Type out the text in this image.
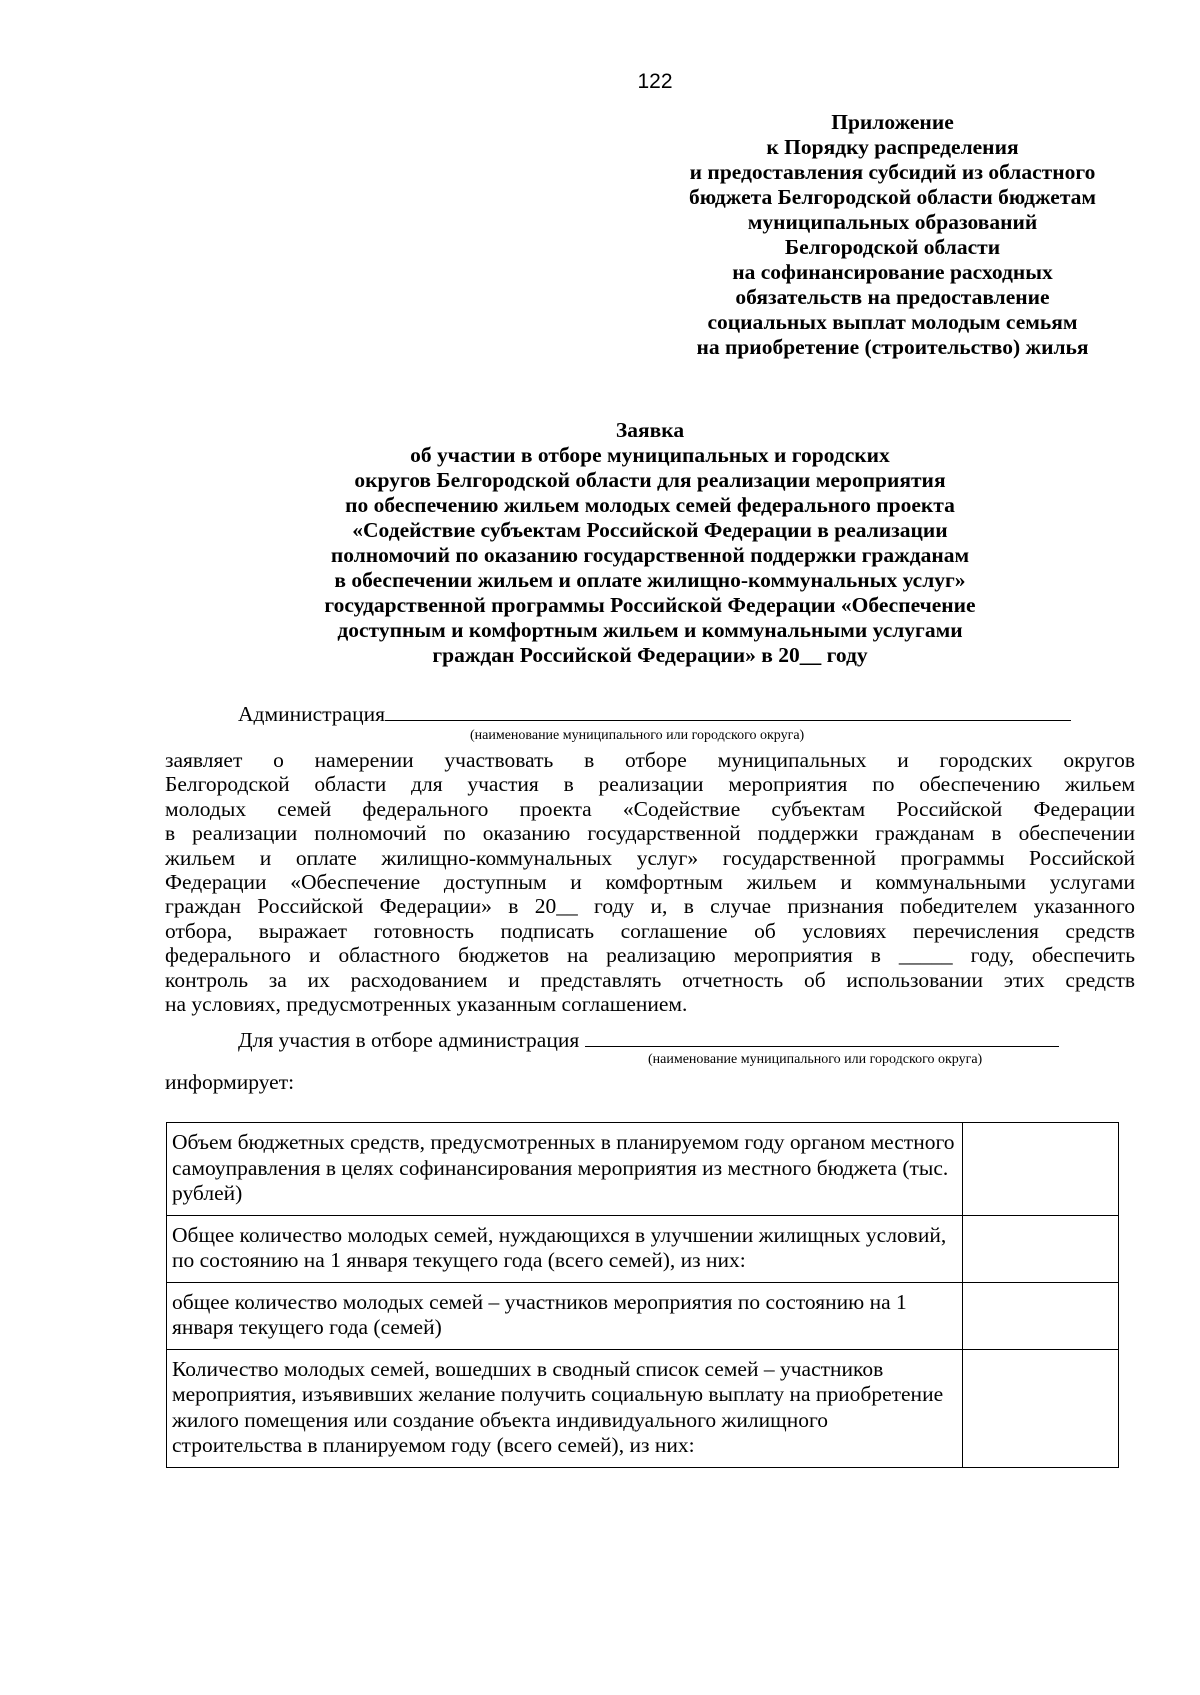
122
Приложение
к Порядку распределения
и предоставления субсидий из областного
бюджета Белгородской области бюджетам
муниципальных образований
Белгородской области
на софинансирование расходных
обязательств на предоставление
социальных выплат молодым семьям
на приобретение (строительство) жилья
Заявка
об участии в отборе муниципальных и городских
округов Белгородской области для реализации мероприятия
по обеспечению жильем молодых семей федерального проекта
«Содействие субъектам Российской Федерации в реализации
полномочий по оказанию государственной поддержки гражданам
в обеспечении жильем и оплате жилищно-коммунальных услуг»
государственной программы Российской Федерации «Обеспечение
доступным и комфортным жильем и коммунальными услугами
граждан Российской Федерации» в 20__ году
Администрация
(наименование муниципального или городского округа)
заявляет о намерении участвовать в отборе муниципальных и городских округов
Белгородской области для участия в реализации мероприятия по обеспечению жильем
молодых семей федерального проекта «Содействие субъектам Российской Федерации
в реализации полномочий по оказанию государственной поддержки гражданам в обеспечении
жильем и оплате жилищно-коммунальных услуг» государственной программы Российской
Федерации «Обеспечение доступным и комфортным жильем и коммунальными услугами
граждан Российской Федерации» в 20__ году и, в случае признания победителем указанного
отбора, выражает готовность подписать соглашение об условиях перечисления средств
федерального и областного бюджетов на реализацию мероприятия в _____ году, обеспечить
контроль за их расходованием и представлять отчетность об использовании этих средств
на условиях, предусмотренных указанным соглашением.
Для участия в отборе администрация
(наименование муниципального или городского округа)
информирует:
Объем бюджетных средств, предусмотренных в планируемом году органом местного самоуправления в целях софинансирования мероприятия из местного бюджета (тыс. рублей)	
Общее количество молодых семей, нуждающихся в улучшении жилищных условий, по состоянию на 1 января текущего года (всего семей), из них:	
общее количество молодых семей – участников мероприятия по состоянию на 1 января текущего года (семей)	
Количество молодых семей, вошедших в сводный список семей – участников мероприятия, изъявивших желание получить социальную выплату на приобретение жилого помещения или создание объекта индивидуального жилищного строительства в планируемом году (всего семей), из них:	
